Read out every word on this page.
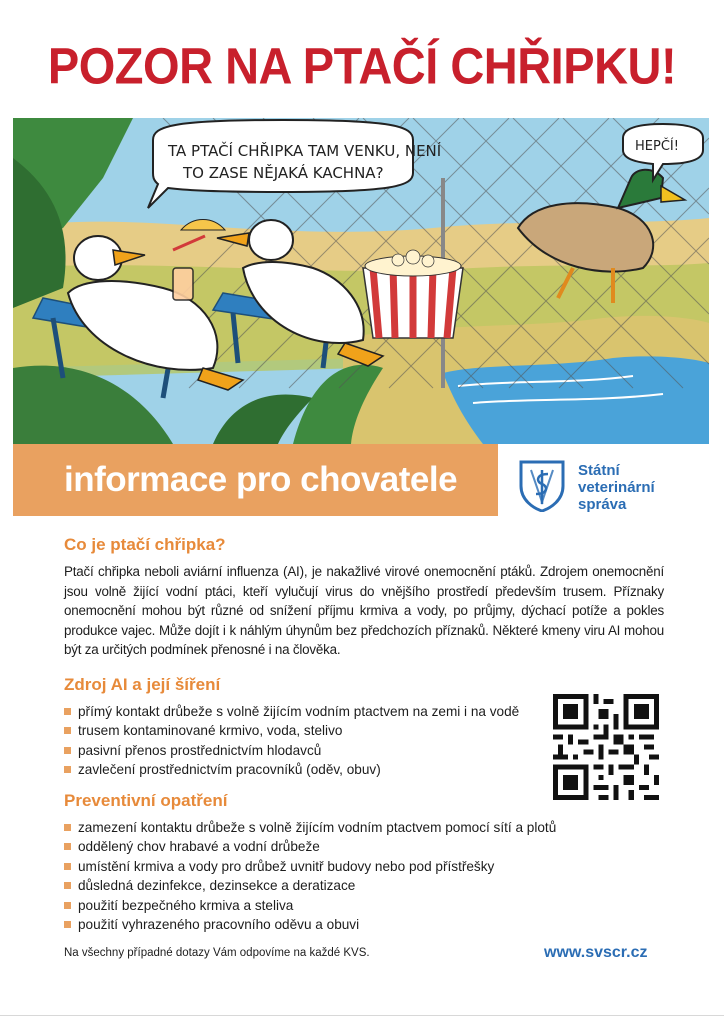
POZOR NA PTAČÍ CHŘIPKU!
TA PTAČÍ CHŘIPKA TAM VENKU, NENÍ
TO ZASE NĚJAKÁ KACHNA?
HEPČÍ!
informace pro chovatele	Státní
veterinární
správa
Co je ptačí chřipka?
Ptačí chřipka neboli aviární influenza (AI), je nakažlivé virové onemocnění ptáků. Zdrojem onemocnění jsou volně žijící vodní ptáci, kteří vylučují virus do vnějšího prostředí především trusem. Příznaky onemocnění mohou být různé od snížení příjmu krmiva a vody, po průjmy, dýchací potíže a pokles produkce vajec. Může dojít i k náhlým úhynům bez předchozích příznaků. Některé kmeny viru AI mohou být za určitých podmínek přenosné i na člověka.
Zdroj AI a její šíření
přímý kontakt drůbeže s volně žijícím vodním ptactvem na zemi i na vodě
trusem kontaminované krmivo, voda, stelivo
pasivní přenos prostřednictvím hlodavců
zavlečení prostřednictvím pracovníků (oděv, obuv)
Preventivní opatření
zamezení kontaktu drůbeže s volně žijícím vodním ptactvem pomocí sítí a plotů
oddělený chov hrabavé a vodní drůbeže
umístění krmiva a vody pro drůbež uvnitř budovy nebo pod přístřešky
důsledná dezinfekce, dezinsekce a deratizace
použití bezpečného krmiva a steliva
použití vyhrazeného pracovního oděvu a obuvi
Na všechny případné dotazy Vám odpovíme na každé KVS.	www.svscr.cz
